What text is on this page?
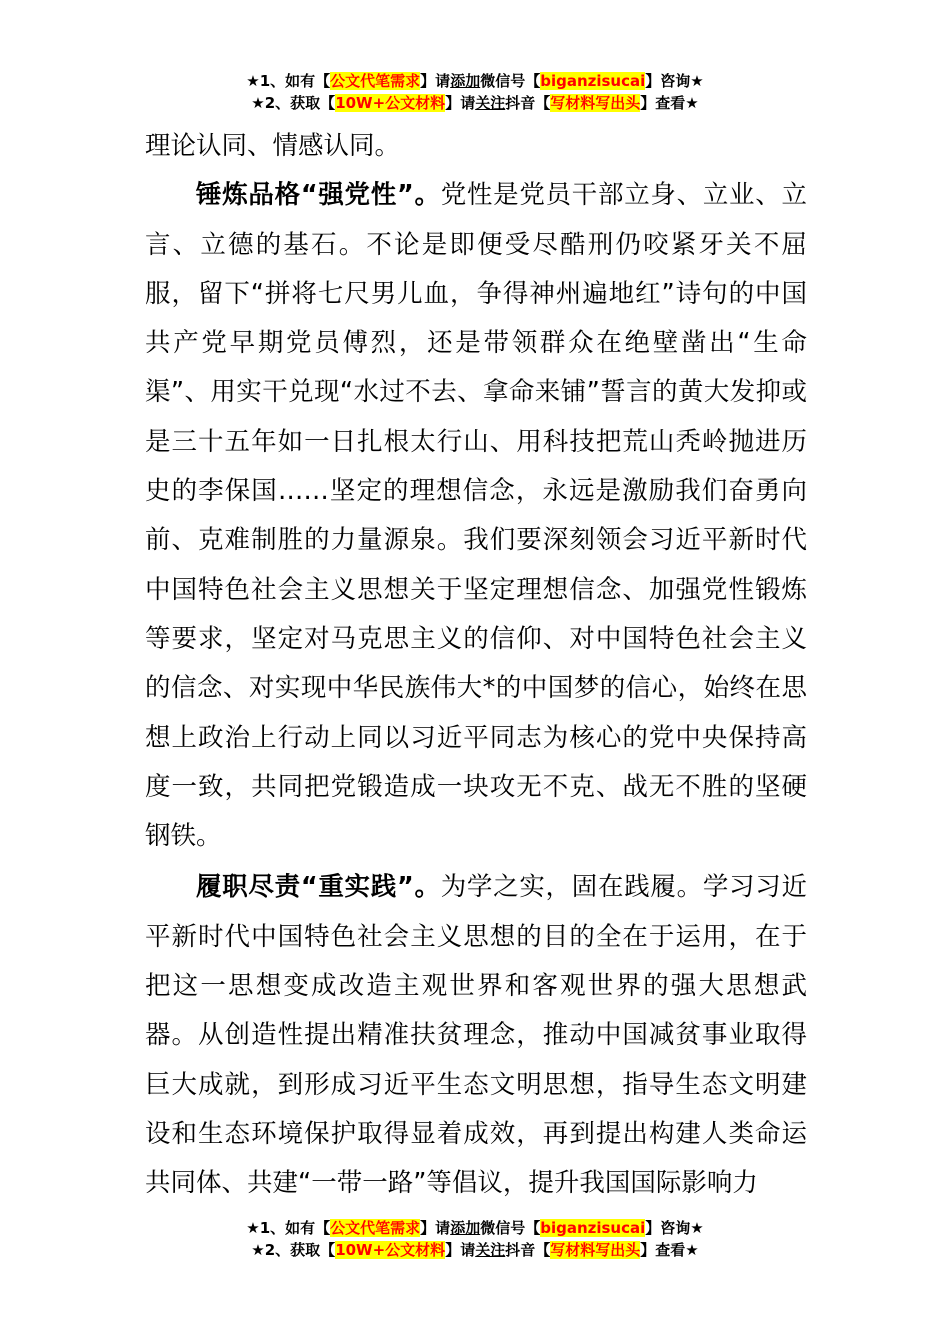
★1、如有【公文代笔需求】请添加微信号【biganzisucai】咨询★
★2、获取【10W+公文材料】请关注抖音【写材料写出头】查看★

理论认同、情感认同。

锤炼品格“强党性”。党性是党员干部立身、立业、立言、立德的基石。不论是即便受尽酷刑仍咬紧牙关不屈服，留下“拼将七尺男儿血，争得神州遍地红”诗句的中国共产党早期党员傅烈，还是带领群众在绝壁凿出“生命渠”、用实干兑现“水过不去、拿命来铺”誓言的黄大发抑或是三十五年如一日扎根太行山、用科技把荒山秃岭抛进历史的李保国……坚定的理想信念，永远是激励我们奋勇向前、克难制胜的力量源泉。我们要深刻领会习近平新时代中国特色社会主义思想关于坚定理想信念、加强党性锻炼等要求，坚定对马克思主义的信仰、对中国特色社会主义的信念、对实现中华民族伟大*的中国梦的信心，始终在思想上政治上行动上同以习近平同志为核心的党中央保持高度一致，共同把党锻造成一块攻无不克、战无不胜的坚硬钢铁。

履职尽责“重实践”。为学之实，固在践履。学习习近平新时代中国特色社会主义思想的目的全在于运用，在于把这一思想变成改造主观世界和客观世界的强大思想武器。从创造性提出精准扶贫理念，推动中国减贫事业取得巨大成就，到形成习近平生态文明思想，指导生态文明建设和生态环境保护取得显着成效，再到提出构建人类命运共同体、共建“一带一路”等倡议，提升我国国际影响力

★1、如有【公文代笔需求】请添加微信号【biganzisucai】咨询★
★2、获取【10W+公文材料】请关注抖音【写材料写出头】查看★
